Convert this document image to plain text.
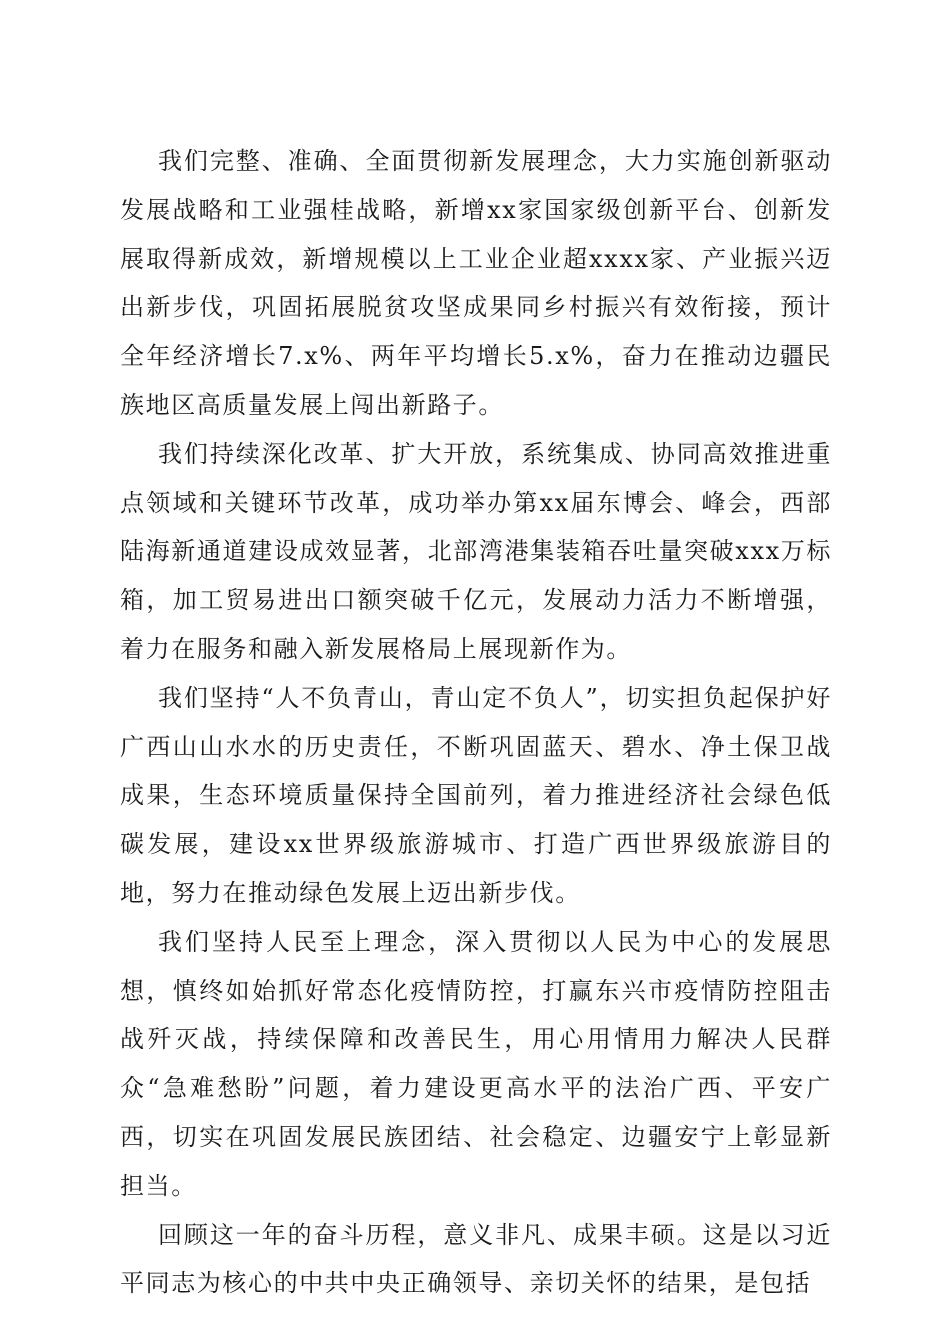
我们完整、准确、全面贯彻新发展理念，大力实施创新驱动发展战略和工业强桂战略，新增xx家国家级创新平台、创新发展取得新成效，新增规模以上工业企业超xxxx家、产业振兴迈出新步伐，巩固拓展脱贫攻坚成果同乡村振兴有效衔接，预计全年经济增长7.x%、两年平均增长5.x%，奋力在推动边疆民族地区高质量发展上闯出新路子。

我们持续深化改革、扩大开放，系统集成、协同高效推进重点领域和关键环节改革，成功举办第xx届东博会、峰会，西部陆海新通道建设成效显著，北部湾港集装箱吞吐量突破xxx万标箱，加工贸易进出口额突破千亿元，发展动力活力不断增强，着力在服务和融入新发展格局上展现新作为。

我们坚持“人不负青山，青山定不负人”，切实担负起保护好广西山山水水的历史责任，不断巩固蓝天、碧水、净土保卫战成果，生态环境质量保持全国前列，着力推进经济社会绿色低碳发展，建设xx世界级旅游城市、打造广西世界级旅游目的地，努力在推动绿色发展上迈出新步伐。

我们坚持人民至上理念，深入贯彻以人民为中心的发展思想，慎终如始抓好常态化疫情防控，打赢东兴市疫情防控阻击战歼灭战，持续保障和改善民生，用心用情用力解决人民群众“急难愁盼”问题，着力建设更高水平的法治广西、平安广西，切实在巩固发展民族团结、社会稳定、边疆安宁上彰显新担当。

回顾这一年的奋斗历程，意义非凡、成果丰硕。这是以习近平同志为核心的中共中央正确领导、亲切关怀的结果，是包括
